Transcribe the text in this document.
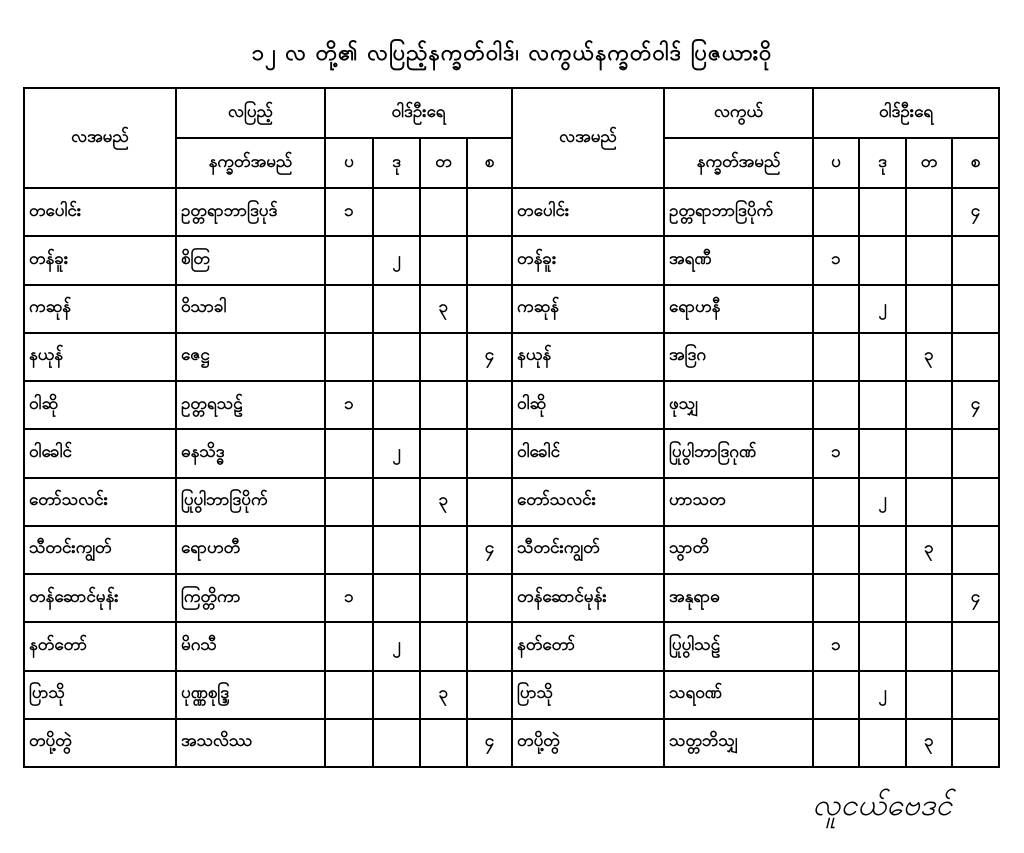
၁၂ လ တို့၏ လပြည့်နက္ခတ်ဝါဒ်၊ လကွယ်နက္ခတ်ဝါဒ် ပြဇယားဝို
လအမည်	လပြည့်	ဝါဒ်ဦးရေ				လအမည်	လကွယ်	ဝါဒ်ဦးရေ			
	နက္ခတ်အမည်	ပ	ဒု	တ	စ		နက္ခတ်အမည်	ပ	ဒု	တ	စ
တပေါင်း	ဥတ္တရာဘာဒြပုဒ်	၁				တပေါင်း	ဥတ္တရာဘာဒြပိုက်				၄
တန်ခူး	စိတြ		၂			တန်ခူး	အရဏီ	၁			
ကဆုန်	ဝိသာခါ			၃		ကဆုန်	ရောဟနီ		၂		
နယုန်	ဇေဋ္ဌ				၄	နယုန်	အဒြဂ			၃	
ဝါဆို	ဥတ္တရသဠ်	၁				ဝါဆို	ဖုသျှ				၄
ဝါခေါင်	ဓနသိဒ္ဓ		၂			ဝါခေါင်	ပြုပွါဘာဒြဂုဏ်	၁			
တော်သလင်း	ပြုပွါဘာဒြပိုက်			၃		တော်သလင်း	ဟာသတ		၂		
သီတင်းကျွတ်	ရောဟတီ				၄	သီတင်းကျွတ်	သွာတိ			၃	
တန်ဆောင်မုန်း	ကြတ္တိကာ	၁				တန်ဆောင်မုန်း	အနုရာဓ				၄
နတ်တော်	မိဂသီ		၂			နတ်တော်	ပြုပွါသဠ်	၁			
ပြာသို	ပုဏ္ဏစုဒ္ဒြ			၃		ပြာသို	သရဝဏ်		၂		
တပို့တွဲ	အသလိဿ				၄	တပို့တွဲ	သတ္တဘိသျှ			၃	
လူငယ်ဗေဒင်
